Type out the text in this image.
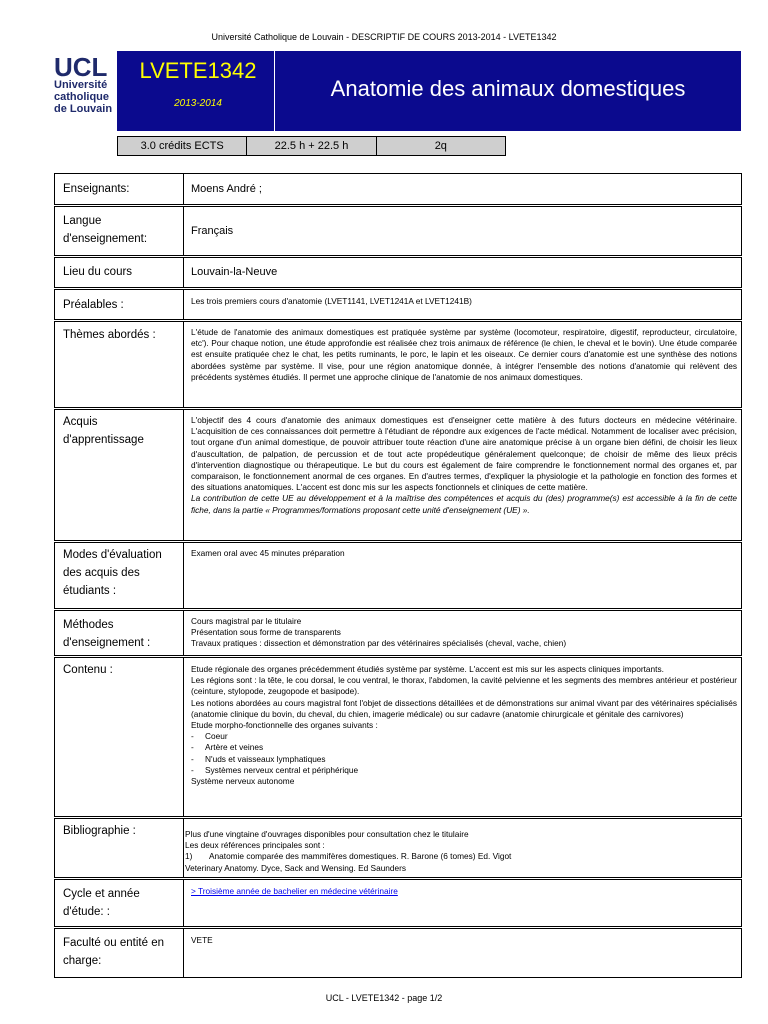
Université Catholique de Louvain - DESCRIPTIF DE COURS 2013-2014 - LVETE1342
UCL
Université
catholique
de Louvain
LVETE1342
2013-2014
Anatomie des animaux domestiques
3.0 crédits ECTS	22.5 h + 22.5 h	2q
Enseignants:	Moens André ;
Langue d'enseignement:
Français
Lieu du cours	Louvain-la-Neuve
Préalables :	Les trois premiers cours d'anatomie (LVET1141, LVET1241A et LVET1241B)
Thèmes abordés :	L'étude de l'anatomie des animaux domestiques est pratiquée système par système (locomoteur, respiratoire, digestif, reproducteur, circulatoire, etc'). Pour chaque notion, une étude approfondie est réalisée chez trois animaux de référence (le chien, le cheval et le bovin). Une étude comparée est ensuite pratiquée chez le chat, les petits ruminants, le porc, le lapin et les oiseaux. Ce dernier cours d'anatomie est une synthèse des notions abordées système par système. Il vise, pour une région anatomique donnée, à intégrer l'ensemble des notions d'anatomie qui relèvent des précédents systèmes étudiés. Il permet une approche clinique de l'anatomie de nos animaux domestiques.
Acquis d'apprentissage

L'objectif des 4 cours d'anatomie des animaux domestiques est d'enseigner cette matière à des futurs docteurs en médecine vétérinaire. L'acquisition de ces connaissances doit permettre à l'étudiant de répondre aux exigences de l'acte médical. Notamment de localiser avec précision, tout organe d'un animal domestique, de pouvoir attribuer toute réaction d'une aire anatomique précise à un organe bien défini, de choisir les lieux d'auscultation, de palpation, de percussion et de tout acte propédeutique généralement quelconque; de choisir de même des lieux précis d'intervention diagnostique ou thérapeutique. Le but du cours est également de faire comprendre le fonctionnement normal des organes et, par comparaison, le fonctionnement anormal de ces organes. En d'autres termes, d'expliquer la physiologie et la pathologie en fonction des formes et des situations anatomiques. L'accent est donc mis sur les aspects fonctionnels et cliniques de cette matière.

La contribution de cette UE au développement et à la maîtrise des compétences et acquis du (des) programme(s) est accessible à la fin de cette fiche, dans la partie « Programmes/formations proposant cette unité d'enseignement (UE) ».

Modes d'évaluation des acquis des étudiants :
Examen oral avec 45 minutes préparation
Méthodes d'enseignement :

Cours magistral par le titulaire

Présentation sous forme de transparents

Travaux pratiques : dissection et démonstration par des vétérinaires spécialisés (cheval, vache, chien)

Contenu :	Etude régionale des organes précédemment étudiés système par système. L'accent est mis sur les aspects cliniques importants.

Les régions sont : la tête, le cou dorsal, le cou ventral, le thorax, l'abdomen, la cavité pelvienne et les segments des membres antérieur et postérieur (ceinture, stylopode, zeugopode et basipode).

Les notions abordées au cours magistral font l'objet de dissections détaillées et de démonstrations sur animal vivant par des vétérinaires spécialisés (anatomie clinique du bovin, du cheval, du chien, imagerie médicale) ou sur cadavre (anatomie chirurgicale et génitale des carnivores)

Etude morpho-fonctionnelle des organes suivants :

-	Coeur
-	Artère et veines
-	N'uds et vaisseaux lymphatiques
-	Systèmes nerveux central et périphérique

Système nerveux autonome

Bibliographie :	Plus d'une vingtaine d'ouvrages disponibles pour consultation chez le titulaire

Les deux références principales sont :

1)	Anatomie comparée des mammifères domestiques. R. Barone (6 tomes) Ed. Vigot

Veterinary Anatomy. Dyce, Sack and Wensing. Ed Saunders

Cycle et année d'étude: :
> Troisième année de bachelier en médecine vétérinaire
Faculté ou entité en charge:
VETE
UCL - LVETE1342 - page 1/2
